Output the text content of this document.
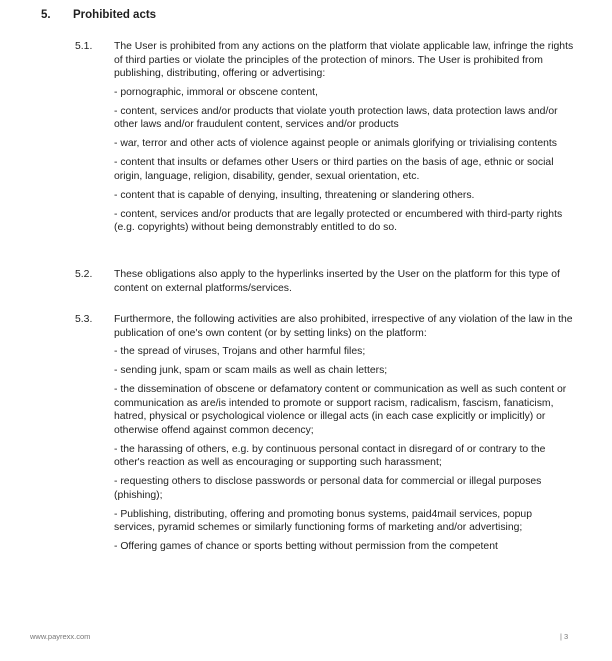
5. Prohibited acts
5.1. The User is prohibited from any actions on the platform that violate applicable law, infringe the rights of third parties or violate the principles of the protection of minors. The User is prohibited from publishing, distributing, offering or advertising:

- pornographic, immoral or obscene content,

- content, services and/or products that violate youth protection laws, data protection laws and/or other laws and/or fraudulent content, services and/or products

- war, terror and other acts of violence against people or animals glorifying or trivialising contents

- content that insults or defames other Users or third parties on the basis of age, ethnic or social origin, language, religion, disability, gender, sexual orientation, etc.

- content that is capable of denying, insulting, threatening or slandering others.

- content, services and/or products that are legally protected or encumbered with third-party rights (e.g. copyrights) without being demonstrably entitled to do so.

5.2. These obligations also apply to the hyperlinks inserted by the User on the platform for this type of content on external platforms/services.

5.3. Furthermore, the following activities are also prohibited, irrespective of any violation of the law in the publication of one's own content (or by setting links) on the platform:

- the spread of viruses, Trojans and other harmful files;

- sending junk, spam or scam mails as well as chain letters;

- the dissemination of obscene or defamatory content or communication as well as such content or communication as are/is intended to promote or support racism, radicalism, fascism, fanaticism, hatred, physical or psychological violence or illegal acts (in each case explicitly or implicitly) or otherwise offend against common decency;

- the harassing of others, e.g. by continuous personal contact in disregard of or contrary to the other's reaction as well as encouraging or supporting such harassment;

- requesting others to disclose passwords or personal data for commercial or illegal purposes (phishing);

- Publishing, distributing, offering and promoting bonus systems, paid4mail services, popup services, pyramid schemes or similarly functioning forms of marketing and/or advertising;

- Offering games of chance or sports betting without permission from the competent

www.payrexx.com	| 3
